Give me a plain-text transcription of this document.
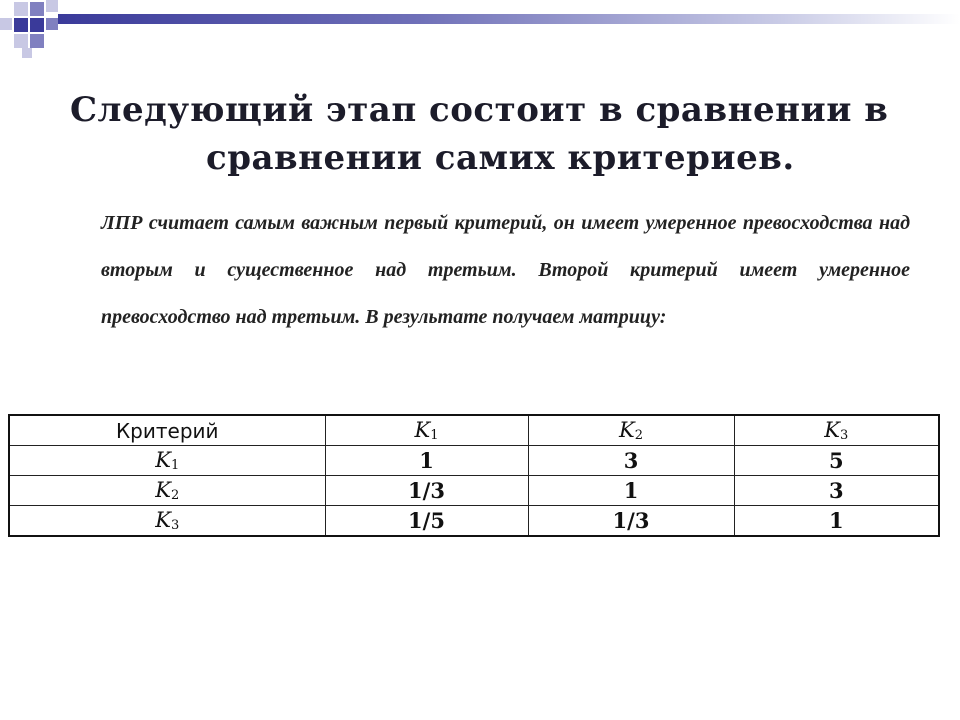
Следующий этап состоит в сравнении в
сравнении самих критериев.
ЛПР считает самым важным первый критерий, он имеет умеренное превосходства над вторым и существенное над третьим. Второй критерий имеет умеренное превосходство над третьим. В результате получаем матрицу:
Критерий	K1	K2	K3
K1	1	3	5
K2	1/3	1	3
K3	1/5	1/3	1
